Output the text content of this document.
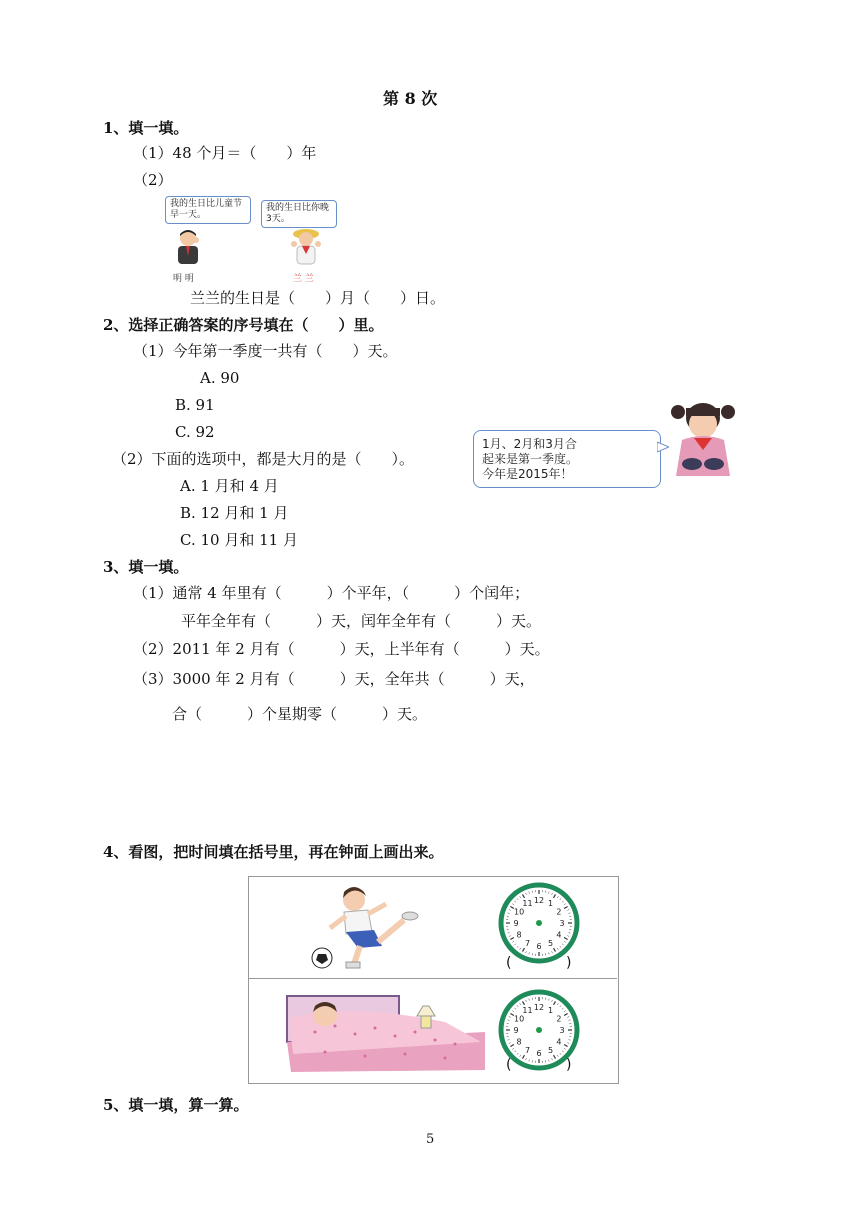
第 8 次
1、填一填。
（1）48 个月＝（　　）年
（2）
我的生日比儿童节早一天。
我的生日比你晚3天。
明 明	兰 兰
兰兰的生日是（　　）月（　　）日。
2、选择正确答案的序号填在（　　）里。
（1）今年第一季度一共有（　　）天。
A. 90
B. 91
C. 92
（2）下面的选项中，都是大月的是（　　）。
A. 1 月和 4 月
B. 12 月和 1 月
C. 10 月和 11 月
1月、2月和3月合
起来是第一季度。
今年是2015年！
3、填一填。
（1）通常 4 年里有（　　　）个平年，（　　　）个闰年；
平年全年有（　　　）天，闰年全年有（　　　）天。
（2）2011 年 2 月有（　　　）天，上半年有（　　　）天。
（3）3000 年 2 月有（　　　）天，全年共（　　　）天，
合（　　　）个星期零（　　　）天。
4、看图，把时间填在括号里，再在钟面上画出来。
12 1
2
3
4
5
6
7
8
9
10
11
(	)
12 1
2
3
4
5
6
7
8
9
10
11
(	)
5、填一填，算一算。
5
